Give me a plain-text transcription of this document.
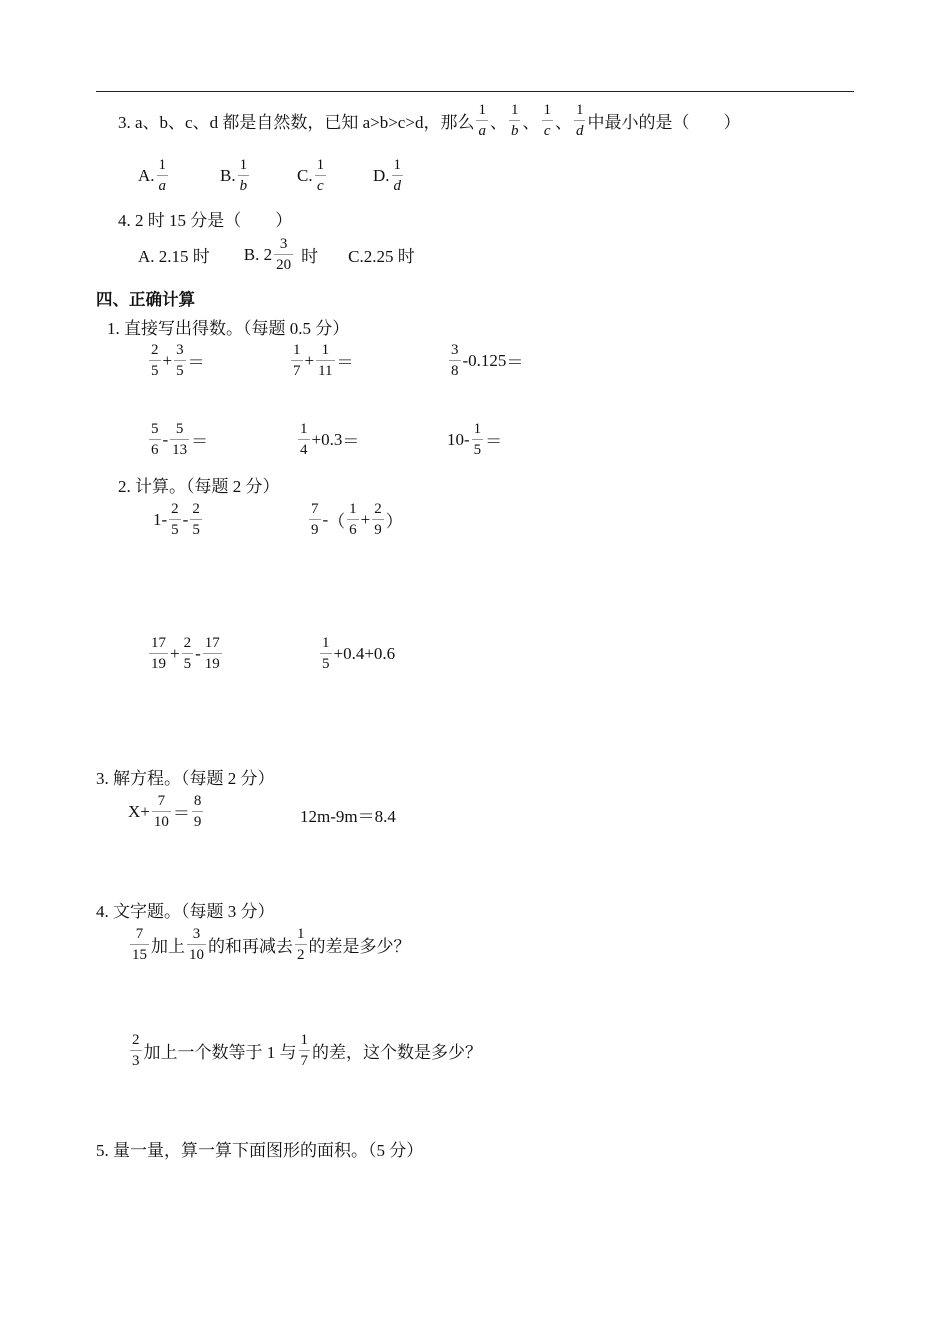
3. a、b、c、d 都是自然数，已知 a>b>c>d，那么 $\frac{1}{a}$ 、 $\frac{1}{b}$ 、 $\frac{1}{c}$ 、 $\frac{1}{d}$ 中最小的是（　　）
A. $\frac{1}{a}$	B. $\frac{1}{b}$	C. $\frac{1}{c}$	D. $\frac{1}{d}$
4. 2 时 15 分是（　　）
A. 2.15 时 B. $2 \frac{3}{20}$ 时 C.2.25 时
四、正确计算
1. 直接写出得数。（每题 0.5 分）
$\frac{2}{5} + \frac{3}{5}$ ＝	$\frac{1}{7} + \frac{1}{11}$ ＝	$\frac{3}{8} -0.125$ ＝
$\frac{5}{6} - \frac{5}{13}$ ＝	$\frac{1}{4} +0.3$ ＝	$10- \frac{1}{5}$ ＝
2. 计算。（每题 2 分）
$1- \frac{2}{5} - \frac{2}{5}$	$\frac{7}{9}$ - （ $\frac{1}{6} + \frac{2}{9}$ ）
$\frac{17}{19} + \frac{2}{5} - \frac{17}{19}$	$\frac{1}{5} +0.4+0.6$
3. 解方程。（每题 2 分）
$X+ \frac{7}{10} = \frac{8}{9}$	12m-9m＝8.4
4. 文字题。（每题 3 分）
$\frac{7}{15}$ 加上 $\frac{3}{10}$ 的和再减去 $\frac{1}{2}$ 的差是多少？
$\frac{2}{3}$ 加上一个数等于 1 与 $\frac{1}{7}$ 的差，这个数是多少？
5. 量一量，算一算下面图形的面积。（5 分）
